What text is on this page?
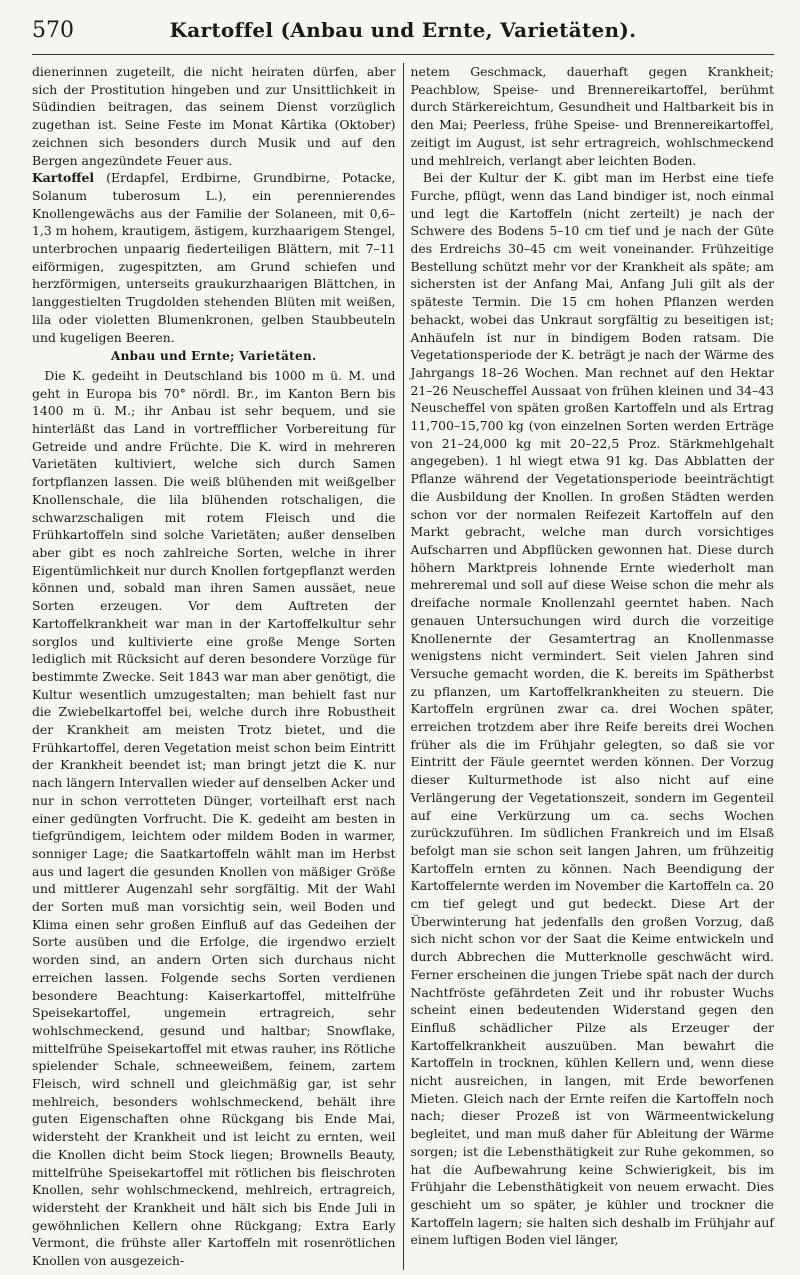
570	Kartoffel (Anbau und Ernte, Varietäten).

dienerinnen zugeteilt, die nicht heiraten dürfen, aber sich der Prostitution hingeben und zur Unsittlichkeit in Südindien beitragen, das seinem Dienst vorzüglich zugethan ist. Seine Feste im Monat Kârtika (Oktober) zeichnen sich besonders durch Musik und auf den Bergen angezündete Feuer aus.

Kartoffel (Erdapfel, Erdbirne, Grundbirne, Potacke, Solanum tuberosum L.), ein perennierendes Knollengewächs aus der Familie der Solaneen, mit 0,6–1,3 m hohem, krautigem, ästigem, kurzhaarigem Stengel, unterbrochen unpaarig fiederteiligen Blättern, mit 7–11 eiförmigen, zugespitzten, am Grund schiefen und herzförmigen, unterseits graukurzhaarigen Blättchen, in langgestielten Trugdolden stehenden Blüten mit weißen, lila oder violetten Blumenkronen, gelben Staubbeuteln und kugeligen Beeren.

Anbau und Ernte; Varietäten.

Die K. gedeiht in Deutschland bis 1000 m ü. M. und geht in Europa bis 70° nördl. Br., im Kanton Bern bis 1400 m ü. M.; ihr Anbau ist sehr bequem, und sie hinterläßt das Land in vortrefflicher Vorbereitung für Getreide und andre Früchte. Die K. wird in mehreren Varietäten kultiviert, welche sich durch Samen fortpflanzen lassen. Die weiß blühenden mit weißgelber Knollenschale, die lila blühenden rotschaligen, die schwarzschaligen mit rotem Fleisch und die Frühkartoffeln sind solche Varietäten; außer denselben aber gibt es noch zahlreiche Sorten, welche in ihrer Eigentümlichkeit nur durch Knollen fortgepflanzt werden können und, sobald man ihren Samen aussäet, neue Sorten erzeugen. Vor dem Auftreten der Kartoffelkrankheit war man in der Kartoffelkultur sehr sorglos und kultivierte eine große Menge Sorten lediglich mit Rücksicht auf deren besondere Vorzüge für bestimmte Zwecke. Seit 1843 war man aber genötigt, die Kultur wesentlich umzugestalten; man behielt fast nur die Zwiebelkartoffel bei, welche durch ihre Robustheit der Krankheit am meisten Trotz bietet, und die Frühkartoffel, deren Vegetation meist schon beim Eintritt der Krankheit beendet ist; man bringt jetzt die K. nur nach längern Intervallen wieder auf denselben Acker und nur in schon verrotteten Dünger, vorteilhaft erst nach einer gedüngten Vorfrucht. Die K. gedeiht am besten in tiefgründigem, leichtem oder mildem Boden in warmer, sonniger Lage; die Saatkartoffeln wählt man im Herbst aus und lagert die gesunden Knollen von mäßiger Größe und mittlerer Augenzahl sehr sorgfältig. Mit der Wahl der Sorten muß man vorsichtig sein, weil Boden und Klima einen sehr großen Einfluß auf das Gedeihen der Sorte ausüben und die Erfolge, die irgendwo erzielt worden sind, an andern Orten sich durchaus nicht erreichen lassen. Folgende sechs Sorten verdienen besondere Beachtung: Kaiserkartoffel, mittelfrühe Speisekartoffel, ungemein ertragreich, sehr wohlschmeckend, gesund und haltbar; Snowflake, mittelfrühe Speisekartoffel mit etwas rauher, ins Rötliche spielender Schale, schneeweißem, feinem, zartem Fleisch, wird schnell und gleichmäßig gar, ist sehr mehlreich, besonders wohlschmeckend, behält ihre guten Eigenschaften ohne Rückgang bis Ende Mai, widersteht der Krankheit und ist leicht zu ernten, weil die Knollen dicht beim Stock liegen; Brownells Beauty, mittelfrühe Speisekartoffel mit rötlichen bis fleischroten Knollen, sehr wohlschmeckend, mehlreich, ertragreich, widersteht der Krankheit und hält sich bis Ende Juli in gewöhnlichen Kellern ohne Rückgang; Extra Early Vermont, die frühste aller Kartoffeln mit rosenrötlichen Knollen von ausgezeich-

netem Geschmack, dauerhaft gegen Krankheit; Peachblow, Speise- und Brennereikartoffel, berühmt durch Stärkereichtum, Gesundheit und Haltbarkeit bis in den Mai; Peerless, frühe Speise- und Brennereikartoffel, zeitigt im August, ist sehr ertragreich, wohlschmeckend und mehlreich, verlangt aber leichten Boden.

Bei der Kultur der K. gibt man im Herbst eine tiefe Furche, pflügt, wenn das Land bindiger ist, noch einmal und legt die Kartoffeln (nicht zerteilt) je nach der Schwere des Bodens 5–10 cm tief und je nach der Güte des Erdreichs 30–45 cm weit voneinander. Frühzeitige Bestellung schützt mehr vor der Krankheit als späte; am sichersten ist der Anfang Mai, Anfang Juli gilt als der späteste Termin. Die 15 cm hohen Pflanzen werden behackt, wobei das Unkraut sorgfältig zu beseitigen ist; Anhäufeln ist nur in bindigem Boden ratsam. Die Vegetationsperiode der K. beträgt je nach der Wärme des Jahrgangs 18–26 Wochen. Man rechnet auf den Hektar 21–26 Neuscheffel Aussaat von frühen kleinen und 34–43 Neuscheffel von späten großen Kartoffeln und als Ertrag 11,700–15,700 kg (von einzelnen Sorten werden Erträge von 21–24,000 kg mit 20–22,5 Proz. Stärkmehlgehalt angegeben). 1 hl wiegt etwa 91 kg. Das Abblatten der Pflanze während der Vegetationsperiode beeinträchtigt die Ausbildung der Knollen. In großen Städten werden schon vor der normalen Reifezeit Kartoffeln auf den Markt gebracht, welche man durch vorsichtiges Aufscharren und Abpflücken gewonnen hat. Diese durch höhern Marktpreis lohnende Ernte wiederholt man mehreremal und soll auf diese Weise schon die mehr als dreifache normale Knollenzahl geerntet haben. Nach genauen Untersuchungen wird durch die vorzeitige Knollenernte der Gesamtertrag an Knollenmasse wenigstens nicht vermindert. Seit vielen Jahren sind Versuche gemacht worden, die K. bereits im Spätherbst zu pflanzen, um Kartoffelkrankheiten zu steuern. Die Kartoffeln ergrünen zwar ca. drei Wochen später, erreichen trotzdem aber ihre Reife bereits drei Wochen früher als die im Frühjahr gelegten, so daß sie vor Eintritt der Fäule geerntet werden können. Der Vorzug dieser Kulturmethode ist also nicht auf eine Verlängerung der Vegetationszeit, sondern im Gegenteil auf eine Verkürzung um ca. sechs Wochen zurückzuführen. Im südlichen Frankreich und im Elsaß befolgt man sie schon seit langen Jahren, um frühzeitig Kartoffeln ernten zu können. Nach Beendigung der Kartoffelernte werden im November die Kartoffeln ca. 20 cm tief gelegt und gut bedeckt. Diese Art der Überwinterung hat jedenfalls den großen Vorzug, daß sich nicht schon vor der Saat die Keime entwickeln und durch Abbrechen die Mutterknolle geschwächt wird. Ferner erscheinen die jungen Triebe spät nach der durch Nachtfröste gefährdeten Zeit und ihr robuster Wuchs scheint einen bedeutenden Widerstand gegen den Einfluß schädlicher Pilze als Erzeuger der Kartoffelkrankheit auszuüben. Man bewahrt die Kartoffeln in trocknen, kühlen Kellern und, wenn diese nicht ausreichen, in langen, mit Erde beworfenen Mieten. Gleich nach der Ernte reifen die Kartoffeln noch nach; dieser Prozeß ist von Wärmeentwickelung begleitet, und man muß daher für Ableitung der Wärme sorgen; ist die Lebensthätigkeit zur Ruhe gekommen, so hat die Aufbewahrung keine Schwierigkeit, bis im Frühjahr die Lebensthätigkeit von neuem erwacht. Dies geschieht um so später, je kühler und trockner die Kartoffeln lagern; sie halten sich deshalb im Frühjahr auf einem luftigen Boden viel länger,
